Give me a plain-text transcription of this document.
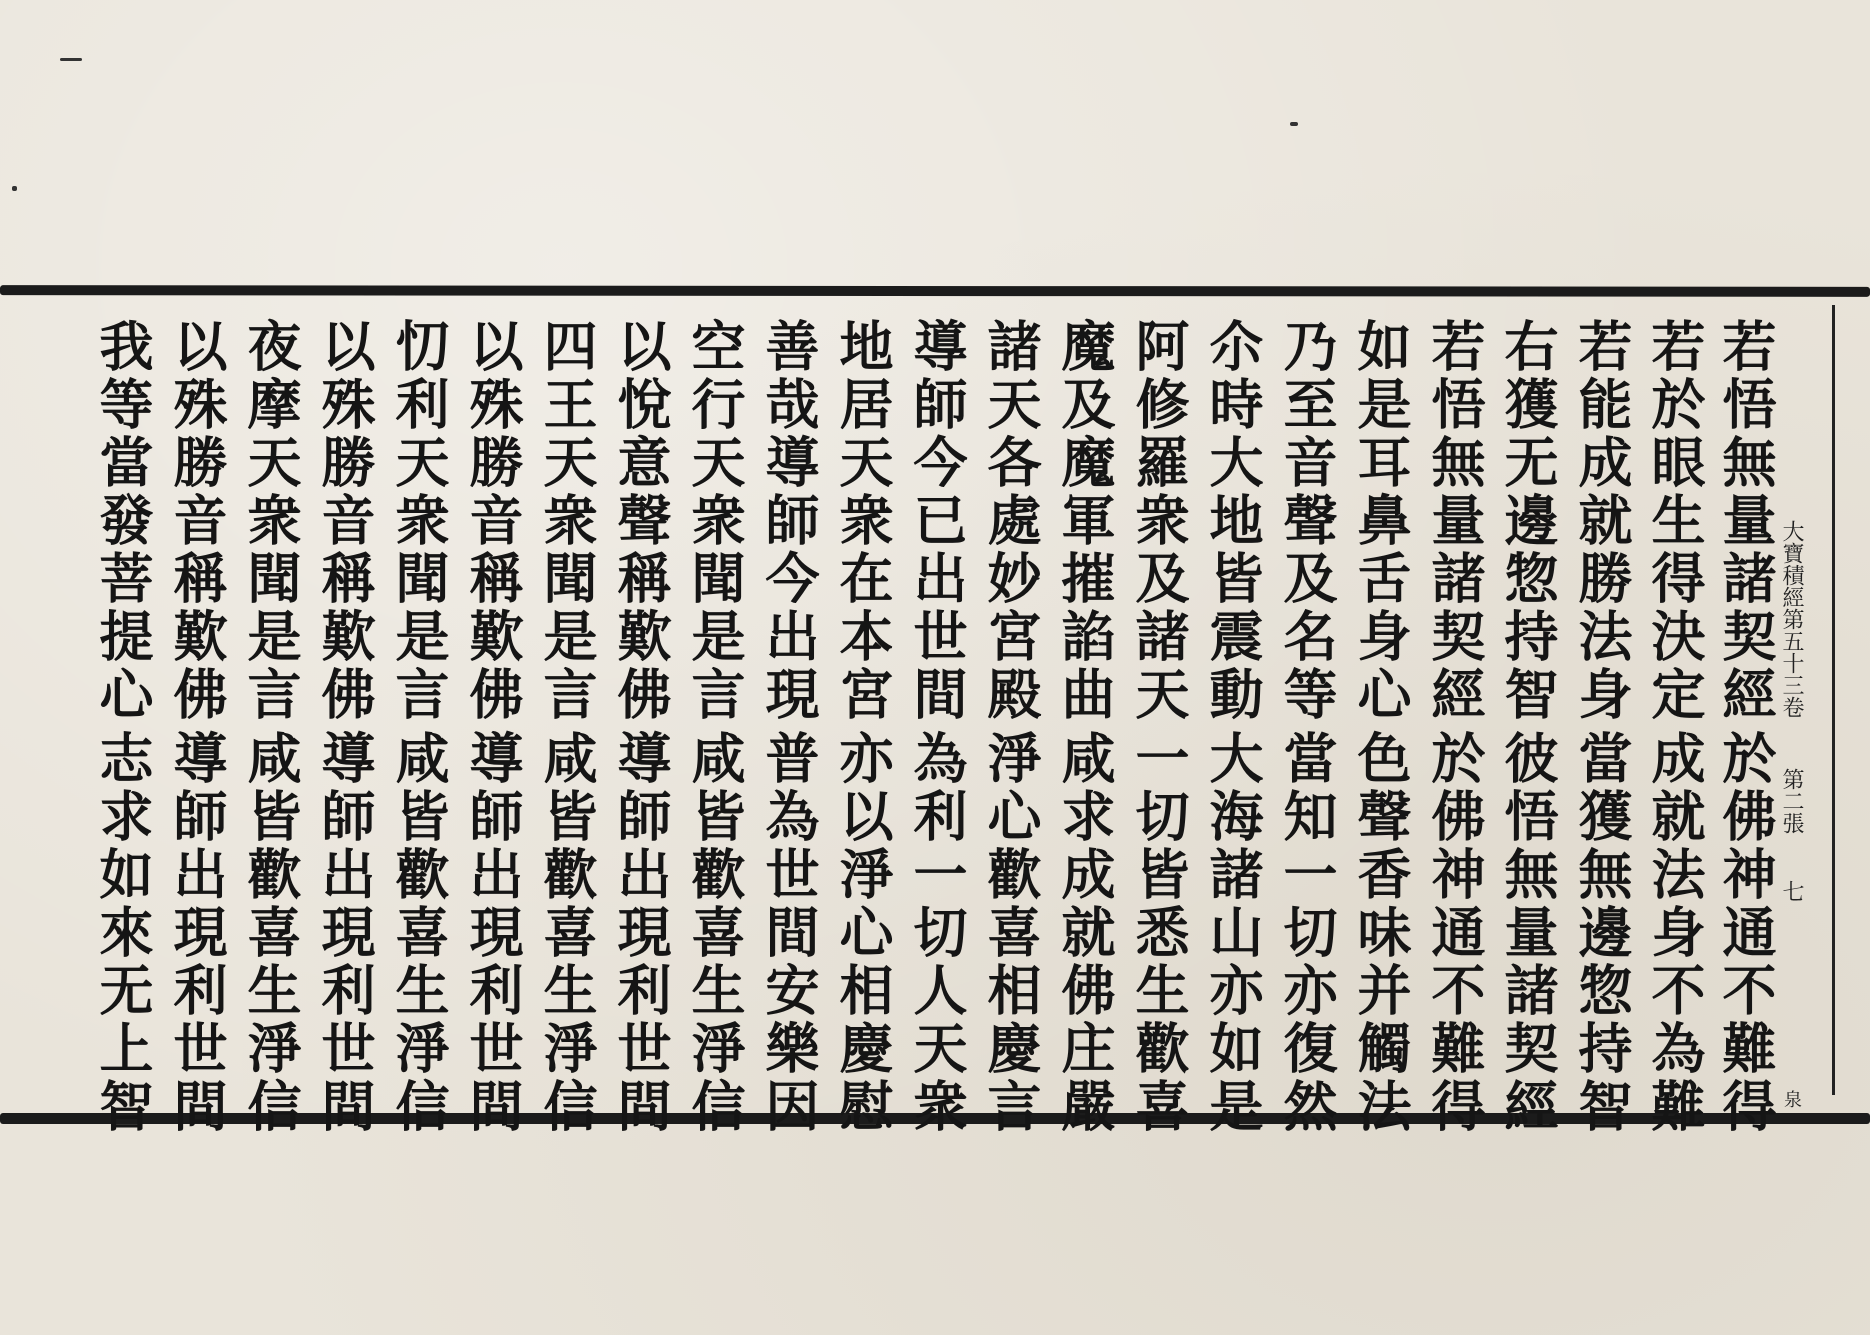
大寶積經第五十三卷
第二張
七
泉
若悟無量諸契經
於佛神通不難得
若於眼生得決定
成就法身不為難
若能成就勝法身
當獲無邊惣持智
右獲无邊惣持智
彼悟無量諸契經
若悟無量諸契經
於佛神通不難得
如是耳鼻舌身心
色聲香味并觸法
乃至音聲及名等
當知一切亦復然
尒時大地皆震動
大海諸山亦如是
阿修羅衆及諸天
一切皆悉生歡喜
魔及魔軍摧諂曲
咸求成就佛庄嚴
諸天各處妙宮殿
淨心歡喜相慶言
導師今已出世間
為利一切人天衆
地居天衆在本宮
亦以淨心相慶慰
善哉導師今出現
普為世間安樂因
空行天衆聞是言
咸皆歡喜生淨信
以悅意聲稱歎佛
導師出現利世間
四王天衆聞是言
咸皆歡喜生淨信
以殊勝音稱歎佛
導師出現利世間
忉利天衆聞是言
咸皆歡喜生淨信
以殊勝音稱歎佛
導師出現利世間
夜摩天衆聞是言
咸皆歡喜生淨信
以殊勝音稱歎佛
導師出現利世間
我等當發菩提心
志求如來无上智
